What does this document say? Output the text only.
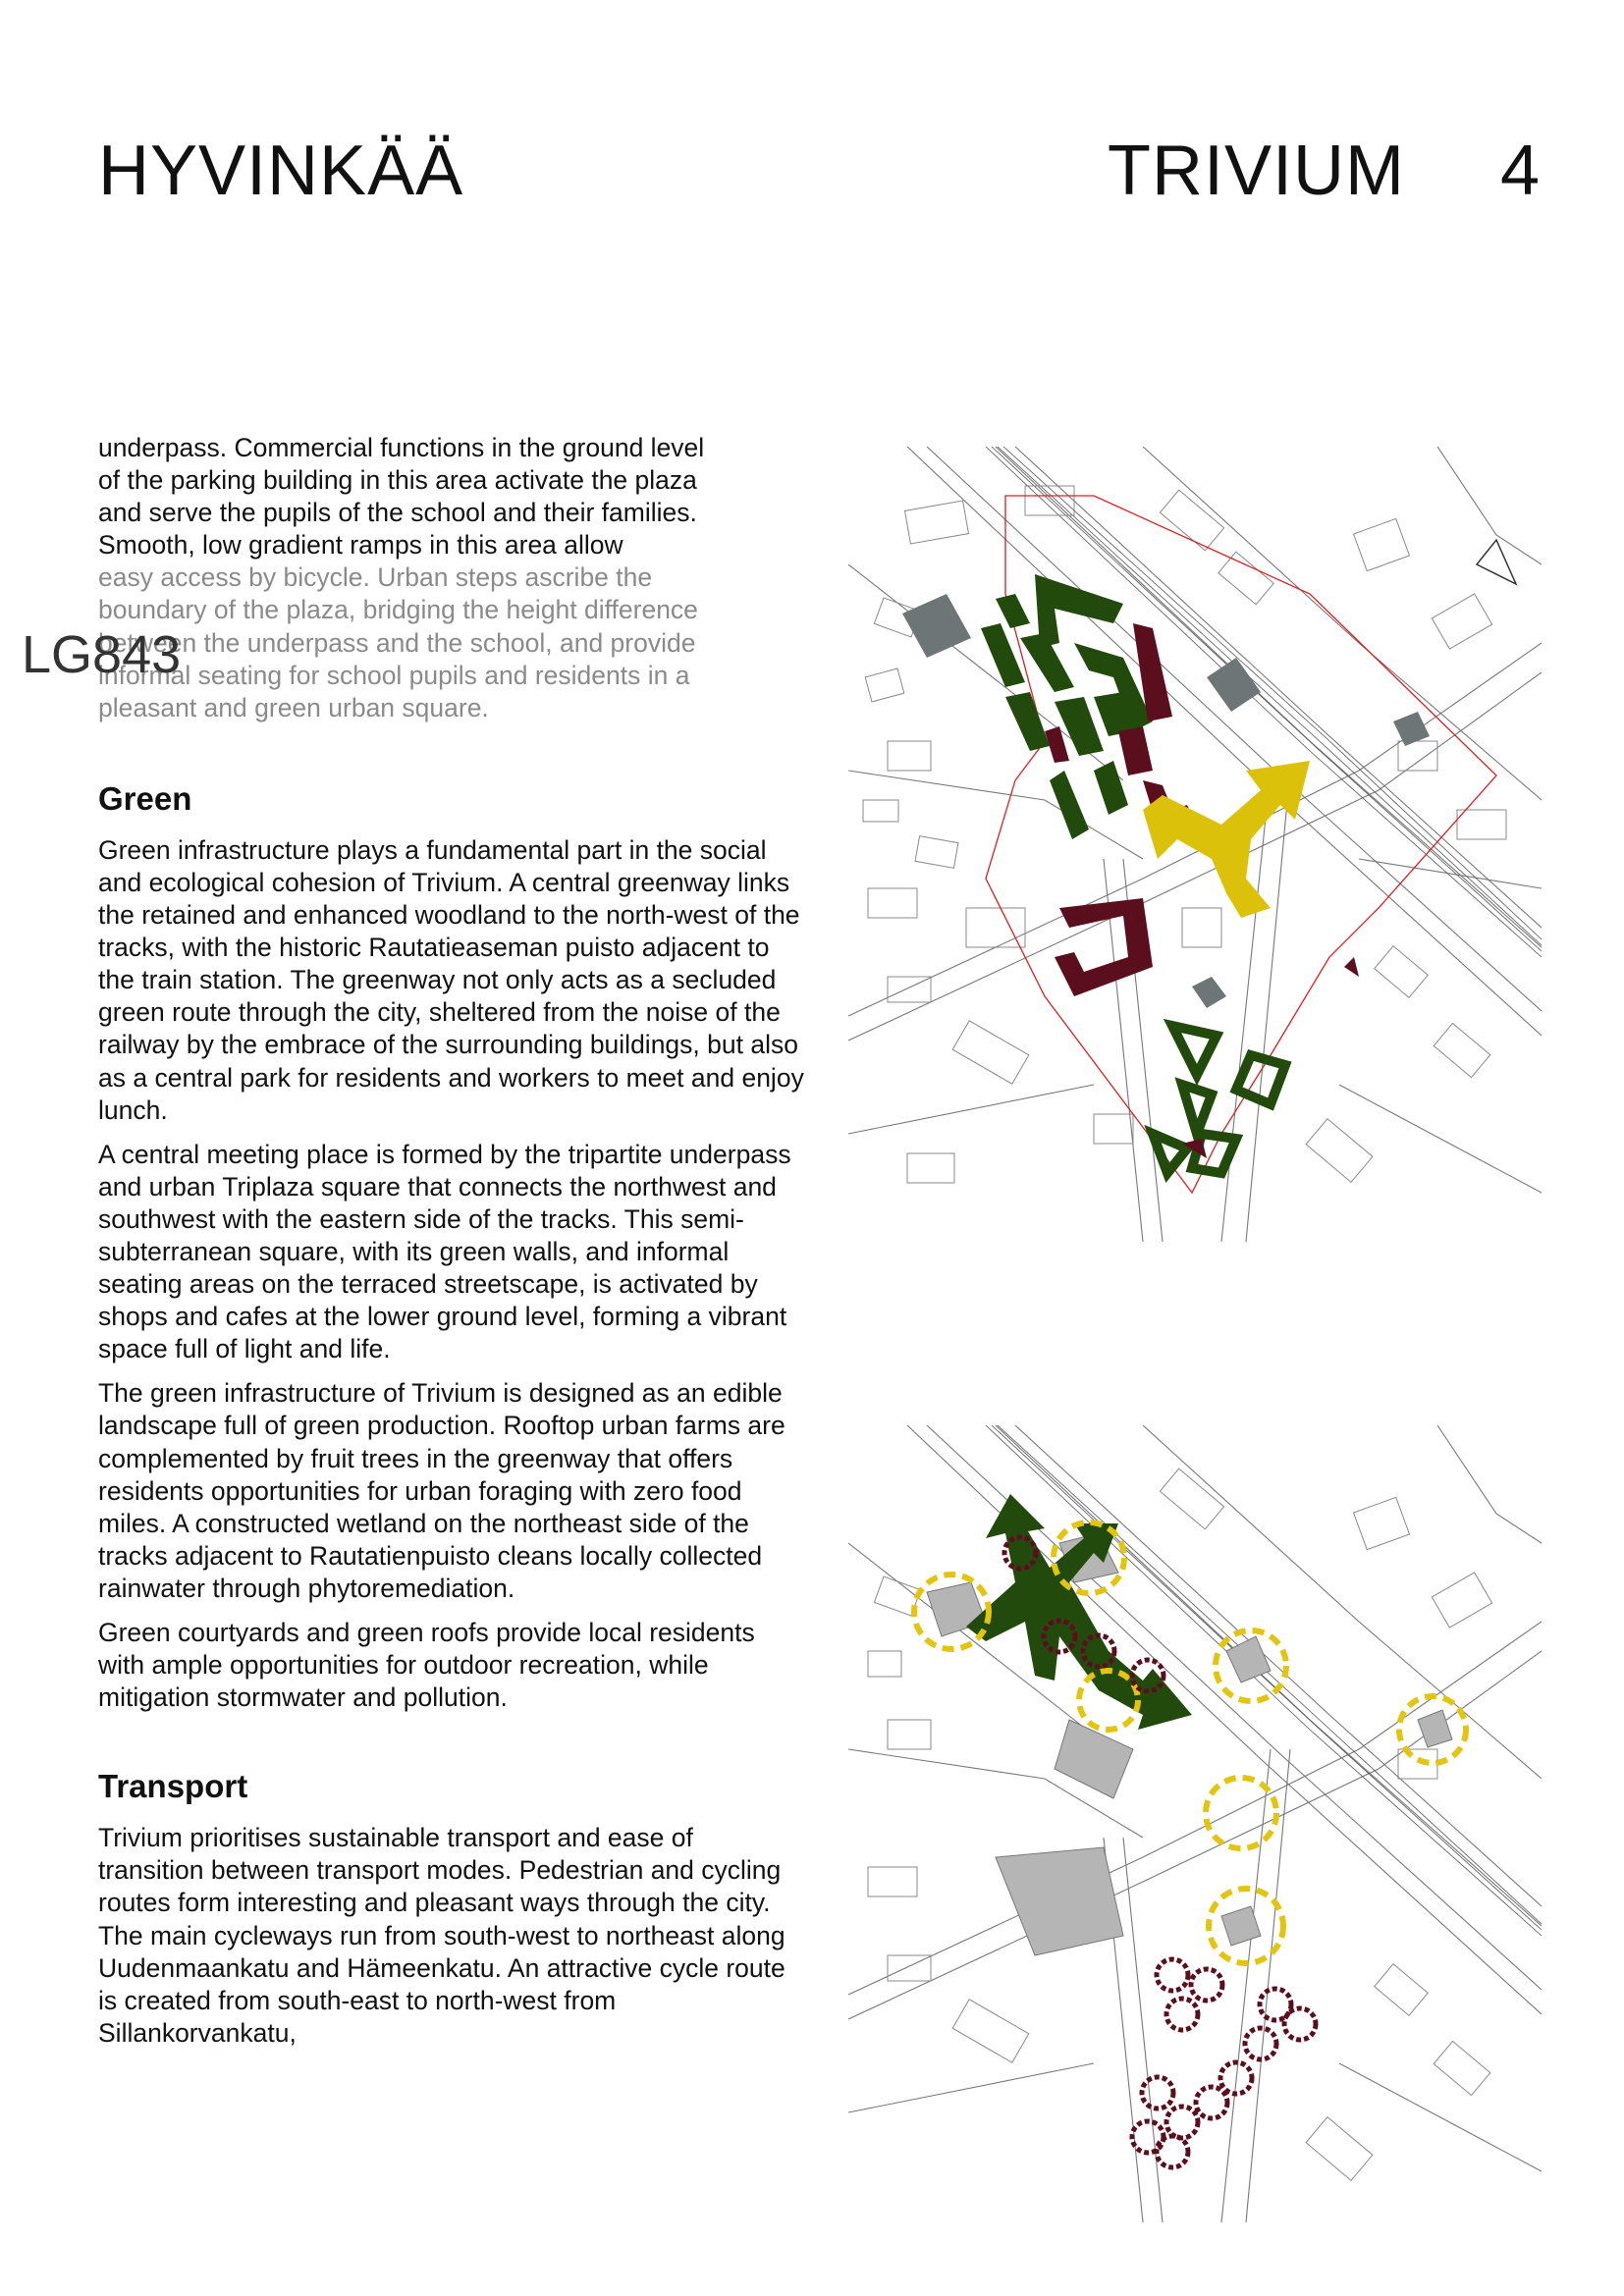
HYVINKÄÄ	TRIVIUM 4

underpass. Commercial functions in the ground level
of the parking building in this area activate the plaza
and serve the pupils of the school and their families.
Smooth, low gradient ramps in this area allow
easy access by bicycle. Urban steps ascribe the
boundary of the plaza, bridging the height difference
between the underpass and the school, and provide
informal seating for school pupils and residents in a
pleasant and green urban square.

Green

Green infrastructure plays a fundamental part in the social and ecological cohesion of Trivium. A central greenway links the retained and enhanced woodland to the north-west of the tracks, with the historic Rautatieaseman puisto adjacent to the train station. The greenway not only acts as a secluded green route through the city, sheltered from the noise of the railway by the embrace of the surrounding buildings, but also as a central park for residents and workers to meet and enjoy lunch.

A central meeting place is formed by the tripartite underpass and urban Triplaza square that connects the northwest and southwest with the eastern side of the tracks. This semi-subterranean square, with its green walls, and informal seating areas on the terraced streetscape, is activated by shops and cafes at the lower ground level, forming a vibrant space full of light and life.

The green infrastructure of Trivium is designed as an edible landscape full of green production. Rooftop urban farms are complemented by fruit trees in the greenway that offers residents opportunities for urban foraging with zero food miles. A constructed wetland on the northeast side of the tracks adjacent to Rautatienpuisto cleans locally collected rainwater through phytoremediation.

Green courtyards and green roofs provide local residents with ample opportunities for outdoor recreation, while mitigation stormwater and pollution.

Transport

Trivium prioritises sustainable transport and ease of transition between transport modes. Pedestrian and cycling routes form interesting and pleasant ways through the city. The main cycleways run from south-west to northeast along Uudenmaankatu and Hämeenkatu. An attractive cycle route is created from south-east to north-west from Sillankorvankatu,

LG843
